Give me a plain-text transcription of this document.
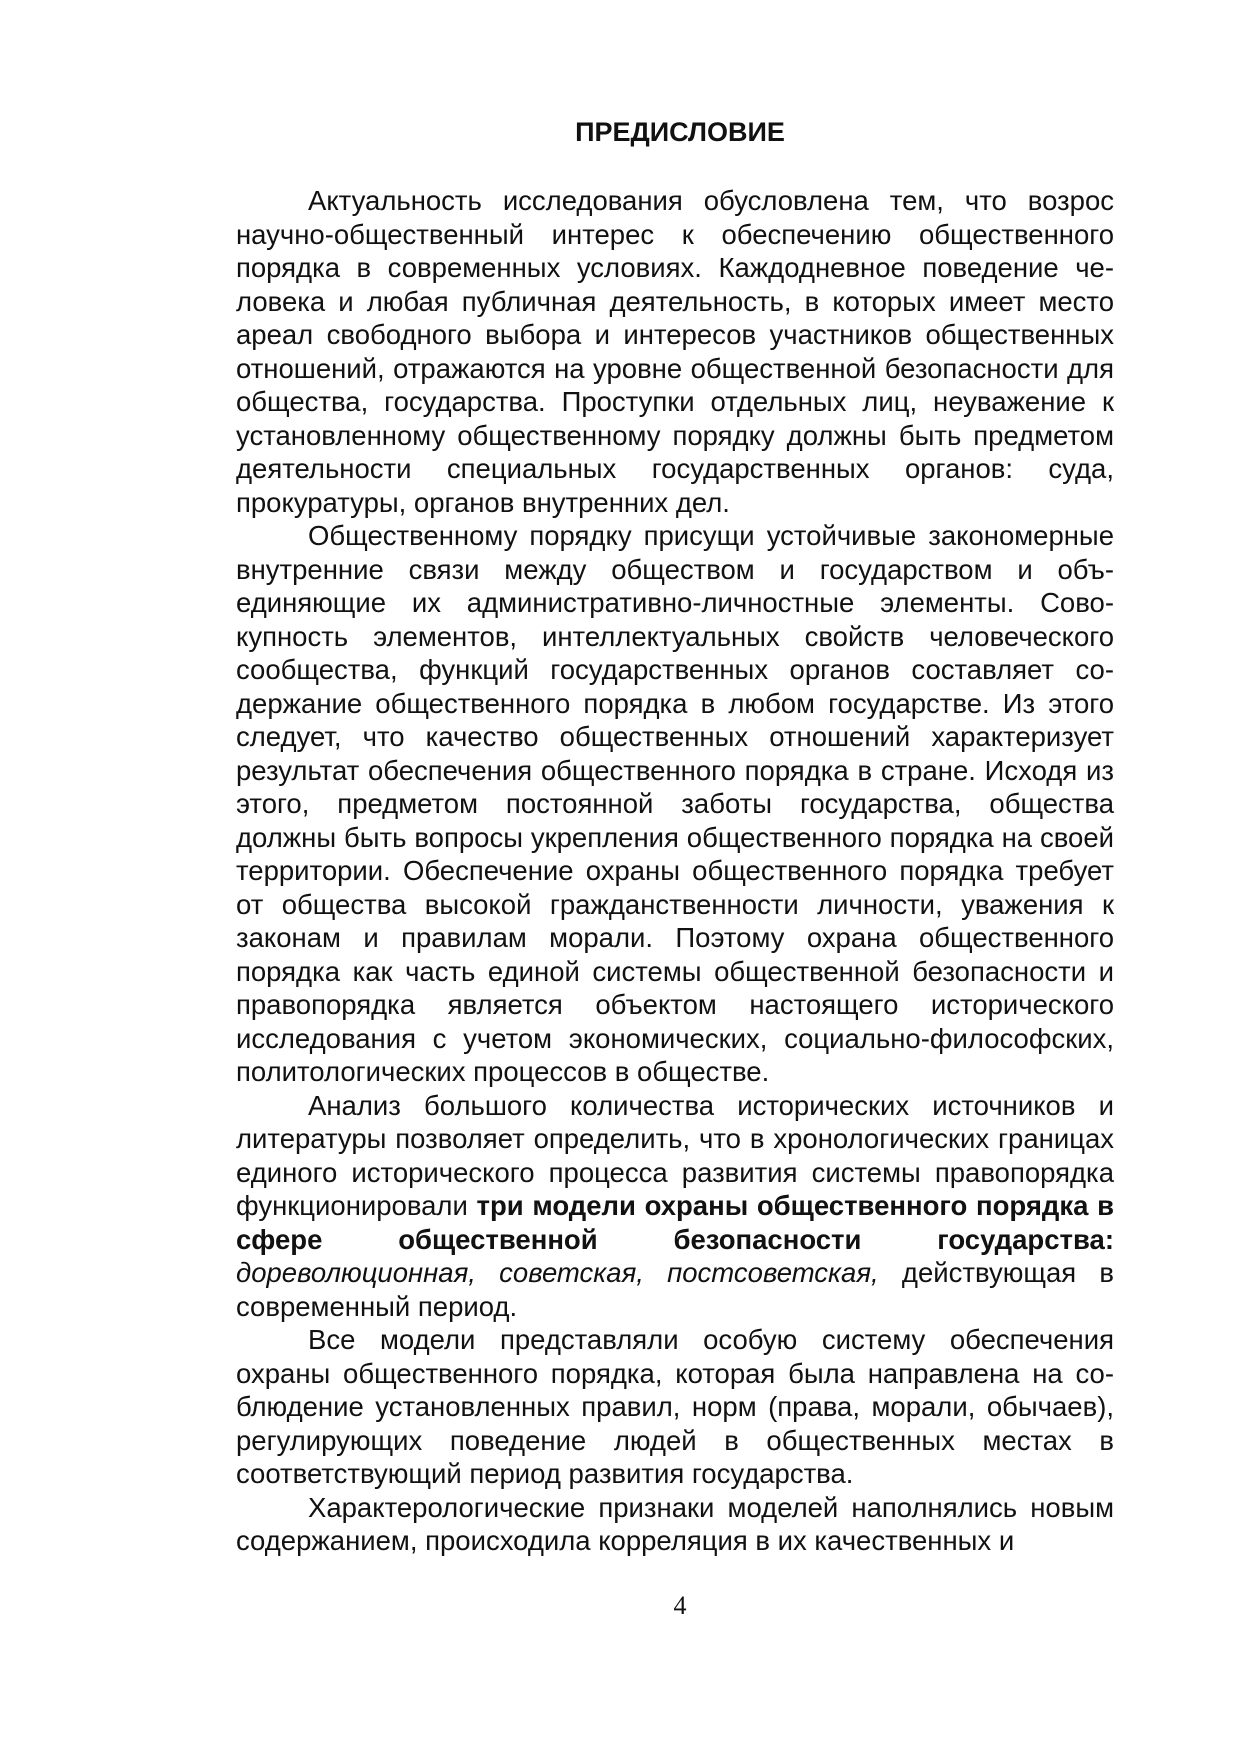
ПРЕДИСЛОВИЕ

Актуальность исследования обусловлена тем, что возрос научно-общественный интерес к обеспечению общественного порядка в современных условиях. Каждодневное поведение человека и любая публичная деятельность, в которых имеет место ареал свободного выбора и интересов участников общественных отношений, отражаются на уровне общественной безопасности для общества, государства. Проступки отдельных лиц, неуважение к установленному общественному порядку должны быть предметом деятельности специальных государственных органов: суда, прокуратуры, органов внутренних дел.

Общественному порядку присущи устойчивые закономерные внутренние связи между обществом и государством и объединяющие их административно-личностные элементы. Совокупность элементов, интеллектуальных свойств человеческого сообщества, функций государственных органов составляет содержание общественного порядка в любом государстве. Из этого следует, что качество общественных отношений характеризует результат обеспечения общественного порядка в стране. Исходя из этого, предметом постоянной заботы государства, общества должны быть вопросы укрепления общественного порядка на своей территории. Обеспечение охраны общественного порядка требует от общества высокой гражданственности личности, уважения к законам и правилам морали. Поэтому охрана общественного порядка как часть единой системы общественной безопасности и правопорядка является объектом настоящего исторического исследования с учетом экономических, социально-философских, политологических процессов в обществе.

Анализ большого количества исторических источников и литературы позволяет определить, что в хронологических границах единого исторического процесса развития системы правопорядка функционировали три модели охраны общественного порядка в сфере общественной безопасности государства: дореволюционная, советская, постсоветская, действующая в современный период.

Все модели представляли особую систему обеспечения охраны общественного порядка, которая была направлена на соблюдение установленных правил, норм (права, морали, обычаев), регулирующих поведение людей в общественных местах в соответствующий период развития государства.

Характерологические признаки моделей наполнялись новым содержанием, происходила корреляция в их качественных и

4
